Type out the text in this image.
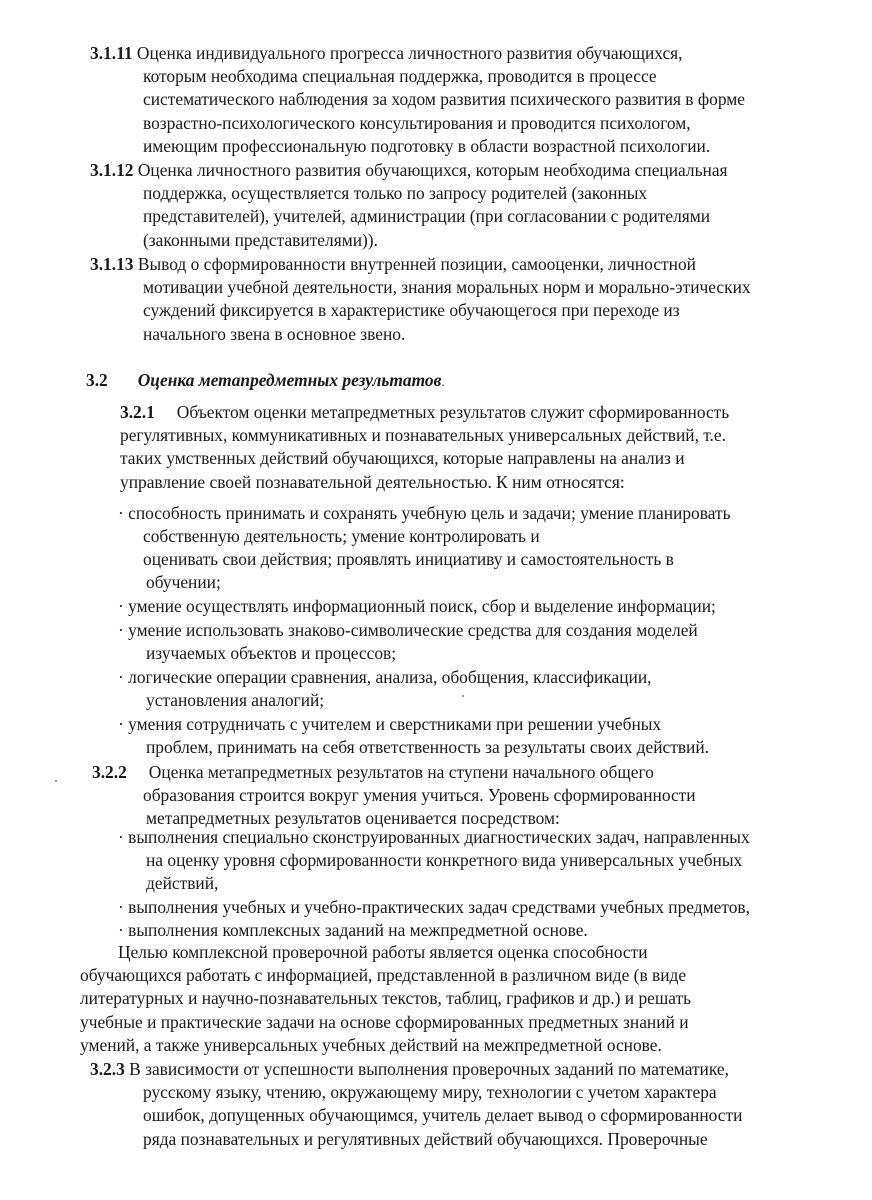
3.1.11 Оценка индивидуального прогресса личностного развития обучающихся,
которым необходима специальная поддержка, проводится в процессе
систематического наблюдения за ходом развития психического развития в форме
возрастно-психологического консультирования и проводится психологом,
имеющим профессиональную подготовку в области возрастной психологии.
3.1.12 Оценка личностного развития обучающихся, которым необходима специальная
поддержка, осуществляется только по запросу родителей (законных
представителей), учителей, администрации (при согласовании с родителями
(законными представителями)).
3.1.13 Вывод о сформированности внутренней позиции, самооценки, личностной
мотивации учебной деятельности, знания моральных норм и морально-этических
суждений фиксируется в характеристике обучающегося при переходе из
начального звена в основное звено.
3.2 Оценка метапредметных результатов.
3.2.1 Объектом оценки метапредметных результатов служит сформированность
регулятивных, коммуникативных и познавательных универсальных действий, т.е.
таких умственных действий обучающихся, которые направлены на анализ и
управление своей познавательной деятельностью. К ним относятся:
· способность принимать и сохранять учебную цель и задачи; умение планировать
собственную деятельность; умение контролировать и
оценивать свои действия; проявлять инициативу и самостоятельность в
обучении;
· умение осуществлять информационный поиск, сбор и выделение информации;
· умение использовать знаково-символические средства для создания моделей
изучаемых объектов и процессов;
· логические операции сравнения, анализа, обобщения, классификации,
установления аналогий;
· умения сотрудничать с учителем и сверстниками при решении учебных
проблем, принимать на себя ответственность за результаты своих действий.
3.2.2 Оценка метапредметных результатов на ступени начального общего
образования строится вокруг умения учиться. Уровень сформированности
метапредметных результатов оценивается посредством:
· выполнения специально сконструированных диагностических задач, направленных
на оценку уровня сформированности конкретного вида универсальных учебных
действий,
· выполнения учебных и учебно-практических задач средствами учебных предметов,
· выполнения комплексных заданий на межпредметной основе.
Целью комплексной проверочной работы является оценка способности
обучающихся работать с информацией, представленной в различном виде (в виде
литературных и научно-познавательных текстов, таблиц, графиков и др.) и решать
учебные и практические задачи на основе сформированных предметных знаний и
умений, а также универсальных учебных действий на межпредметной основе.
3.2.3 В зависимости от успешности выполнения проверочных заданий по математике,
русскому языку, чтению, окружающему миру, технологии с учетом характера
ошибок, допущенных обучающимся, учитель делает вывод о сформированности
ряда познавательных и регулятивных действий обучающихся. Проверочные
